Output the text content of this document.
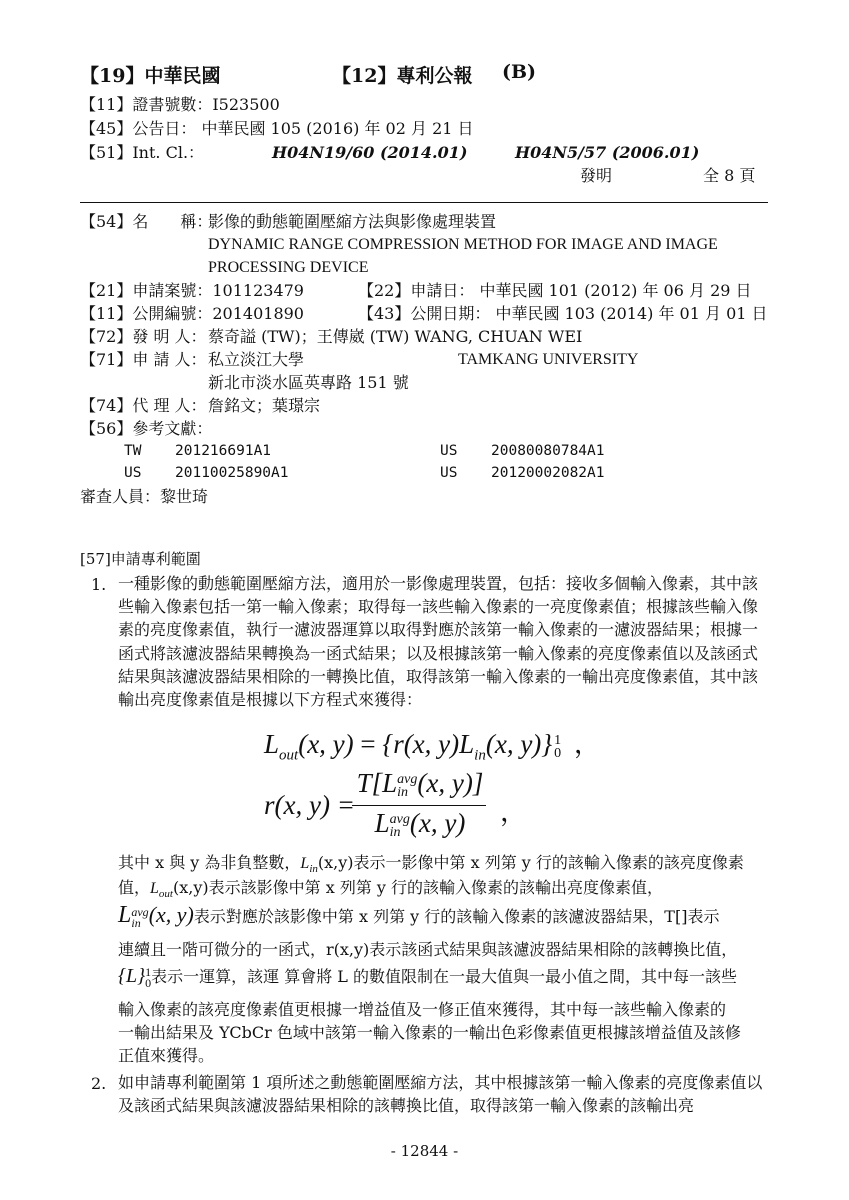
【19】中華民國	【12】專利公報 (B)
【11】證書號數：I523500
【45】公告日： 中華民國 105 (2016) 年 02 月 21 日
【51】Int. Cl.：	H04N19/60 (2014.01)	H04N5/57 (2006.01)
發明	全 8 頁
【54】名　　稱：
影像的動態範圍壓縮方法與影像處理裝置
DYNAMIC RANGE COMPRESSION METHOD FOR IMAGE AND IMAGE
PROCESSING DEVICE
【21】申請案號：101123479	【22】申請日： 中華民國 101 (2012) 年 06 月 29 日
【11】公開編號：201401890	【43】公開日期： 中華民國 103 (2014) 年 01 月 01 日
【72】發 明 人： 蔡奇謚 (TW)；王傳崴 (TW) WANG, CHUAN WEI
【71】申 請 人： 私立淡江大學	TAMKANG UNIVERSITY
新北市淡水區英專路 151 號
【74】代 理 人： 詹銘文；葉璟宗
【56】參考文獻：
TW 201216691A1	US 20080080784A1
US 20110025890A1	US 20120002082A1
審查人員：黎世琦
[57]申請專利範圍
1. 一種影像的動態範圍壓縮方法，適用於一影像處理裝置，包括：接收多個輸入像素，其中該些輸入像素包括一第一輸入像素；取得每一該些輸入像素的一亮度像素值；根據該些輸入像素的亮度像素值，執行一濾波器運算以取得對應於該第一輸入像素的一濾波器結果；根據一函式將該濾波器結果轉換為一函式結果；以及根據該第一輸入像素的亮度像素值以及該函式結果與該濾波器結果相除的一轉換比值，取得該第一輸入像素的一輸出亮度像素值，其中該輸出亮度像素值是根據以下方程式來獲得：
$L_{out}(x$, y) = {r(x, $y)L_{in}(x$, y)} 1
0 ，
r(x, y) =
T[L avg
in (x, y)]
L avg
in (x, y)	，
其中 x 與 y 為非負整數，$L_{in}(x,y)$表示一影像中第 x 列第 y 行的該輸入像素的該亮度像素
值，$L_{out}(x,y)$表示該影像中第 x 列第 y 行的該輸入像素的該輸出亮度像素值，
L avg
in (x, y)表示對應於該影像中第 x 列第 y 行的該輸入像素的該濾波器結果，T[]表示
連續且一階可微分的一函式，r(x,y)表示該函式結果與該濾波器結果相除的該轉換比值，
{L} 1
0 表示一運算，該運 算會將 L 的數值限制在一最大值與一最小值之間，其中每一該些
輸入像素的該亮度像素值更根據一增益值及一修正值來獲得，其中每一該些輸入像素的
一輸出結果及 YCbCr 色域中該第一輸入像素的一輸出色彩像素值更根據該增益值及該修
正值來獲得。
2. 如申請專利範圍第 1 項所述之動態範圍壓縮方法，其中根據該第一輸入像素的亮度像素值以及該函式結果與該濾波器結果相除的該轉換比值，取得該第一輸入像素的該輸出亮
- 12844 -
